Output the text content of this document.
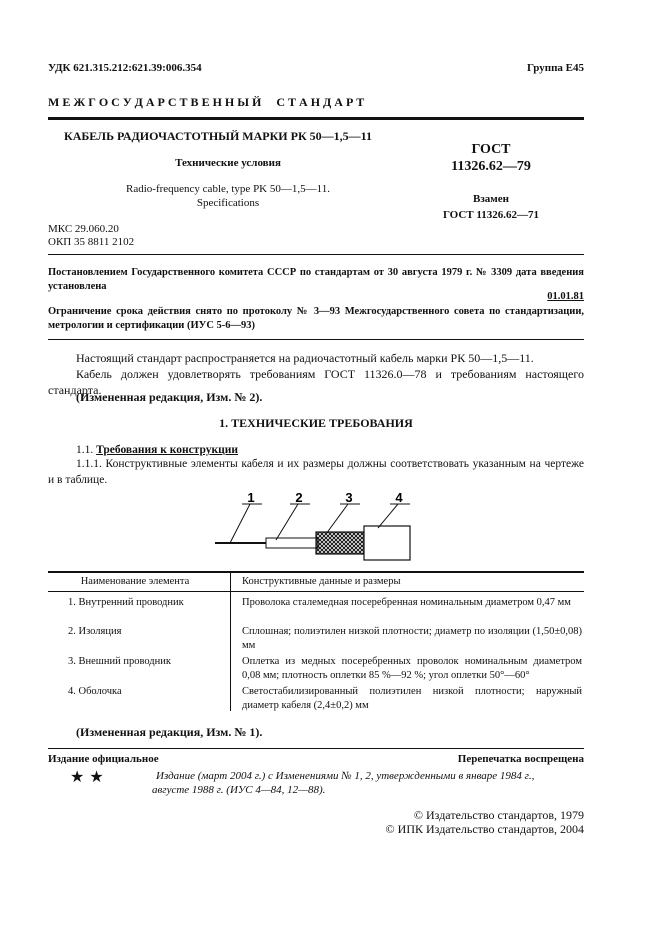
УДК 621.315.212:621.39:006.354	Группа Е45
М Е Ж Г О С У Д А Р С Т В Е Н Н Ы Й     С Т А Н Д А Р Т
КАБЕЛЬ РАДИОЧАСТОТНЫЙ МАРКИ РК 50—1,5—11
Технические условия
Radio-frequency cable, type PK 50—1,5—11.
Specifications
ГОСТ
11326.62—79
Взамен
ГОСТ 11326.62—71
МКС 29.060.20
ОКП 35 8811 2102
Постановлением Государственного комитета СССР по стандартам от 30 августа 1979 г. № 3309 дата введения установлена
01.01.81
Ограничение срока действия снято по протоколу № 3—93 Межгосударственного совета по стандартизации, метрологии и сертификации (ИУС 5-6—93)
Настоящий стандарт распространяется на радиочастотный кабель марки РК 50—1,5—11.
Кабель должен удовлетворять требованиям ГОСТ 11326.0—78 и требованиям настоящего стандарта.
(Измененная редакция, Изм. № 2).
1. ТЕХНИЧЕСКИЕ ТРЕБОВАНИЯ
1.1. Требования к конструкции
1.1.1. Конструктивные элементы кабеля и их размеры должны соответствовать указанным на чертеже и в таблице.
1	2	3	4
Наименование элемента	Конструктивные данные и размеры
1. Внутренний проводник	Проволока сталемедная посеребренная номинальным диаметром 0,47 мм
2. Изоляция	Сплошная; полиэтилен низкой плотности; диаметр по изоляции (1,50±0,08) мм
3. Внешний проводник	Оплетка из медных посеребренных проволок номинальным диаметром 0,08 мм; плотность оплетки 85 %—92 %; угол оплетки 50°—60°
4. Оболочка	Светостабилизированный полиэтилен низкой плотности; наружный диаметр кабеля (2,4±0,2) мм
(Измененная редакция, Изм. № 1).
Издание официальное	Перепечатка воспрещена
★ ★	Издание (март 2004 г.) с Изменениями № 1, 2, утвержденными в январе 1984 г., августе 1988 г. (ИУС 4—84, 12—88).
© Издательство стандартов, 1979
© ИПК Издательство стандартов, 2004
